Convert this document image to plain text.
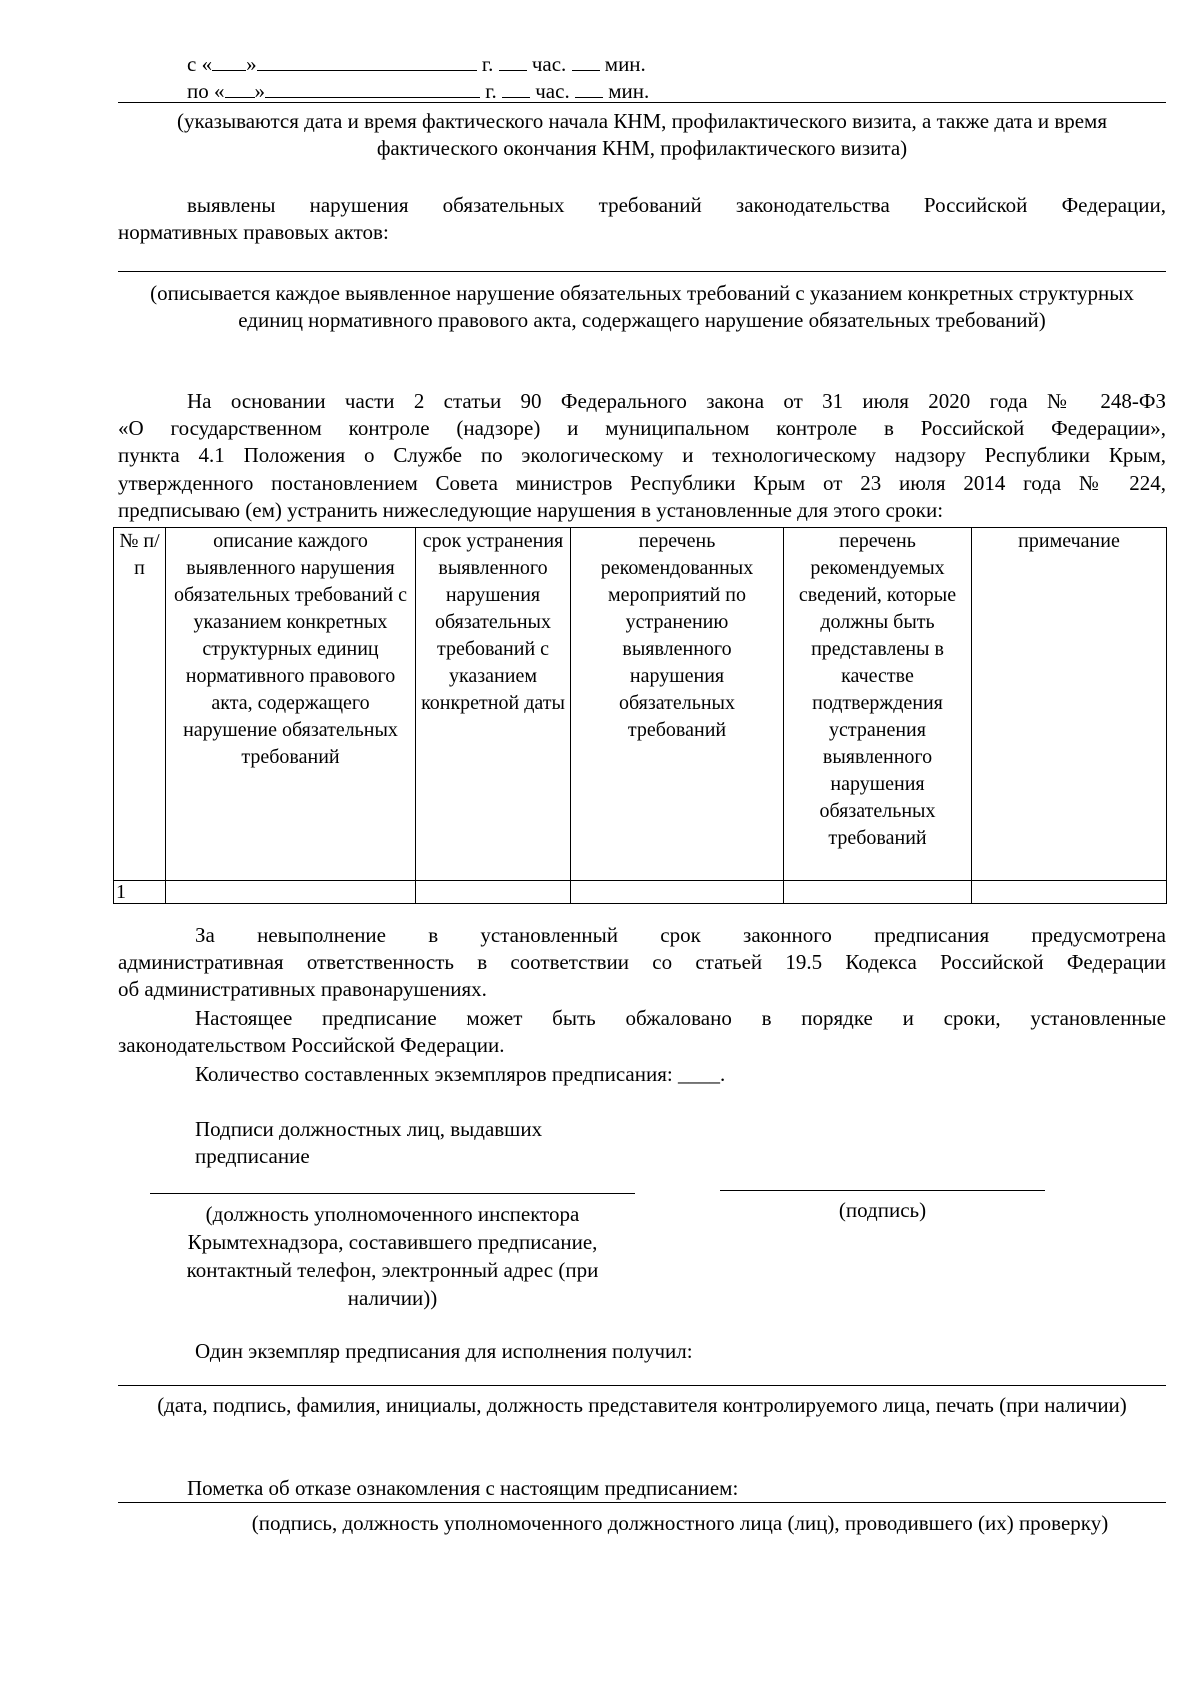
с « »	г. час. мин.
по « »	г. час. мин.
(указываются дата и время фактического начала КНМ, профилактического визита, а также дата и время фактического окончания КНМ, профилактического визита)
выявлены нарушения обязательных требований законодательства Российской Федерации,
нормативных правовых актов:
(описывается каждое выявленное нарушение обязательных требований с указанием конкретных структурных единиц нормативного правового акта, содержащего нарушение обязательных требований)
На основании части 2 статьи 90 Федерального закона от 31 июля 2020 года № 248-ФЗ
«О государственном контроле (надзоре) и муниципальном контроле в Российской Федерации»,
пункта 4.1 Положения о Службе по экологическому и технологическому надзору Республики Крым,
утвержденного постановлением Совета министров Республики Крым от 23 июля 2014 года № 224,
предписываю (ем) устранить нижеследующие нарушения в установленные для этого сроки:
№ п/п	описание каждого выявленного нарушения обязательных требований с указанием конкретных структурных единиц нормативного правового акта, содержащего нарушение обязательных требований	срок устранения выявленного нарушения обязательных требований с указанием конкретной даты	перечень рекомендованных мероприятий по устранению выявленного нарушения обязательных требований	перечень рекомендуемых сведений, которые должны быть представлены в качестве подтверждения устранения выявленного нарушения обязательных требований	примечание
1					
За невыполнение в установленный срок законного предписания предусмотрена
административная ответственность в соответствии со статьей 19.5 Кодекса Российской Федерации
об административных правонарушениях.
Настоящее предписание может быть обжаловано в порядке и сроки, установленные
законодательством Российской Федерации.
Количество составленных экземпляров предписания: ____.
Подписи должностных лиц, выдавших
предписание
(должность уполномоченного инспектора Крымтехнадзора, составившего предписание, контактный телефон, электронный адрес (при наличии))
(подпись)
Один экземпляр предписания для исполнения получил:
(дата, подпись, фамилия, инициалы, должность представителя контролируемого лица, печать (при наличии)
Пометка об отказе ознакомления с настоящим предписанием:
(подпись, должность уполномоченного должностного лица (лиц), проводившего (их) проверку)
